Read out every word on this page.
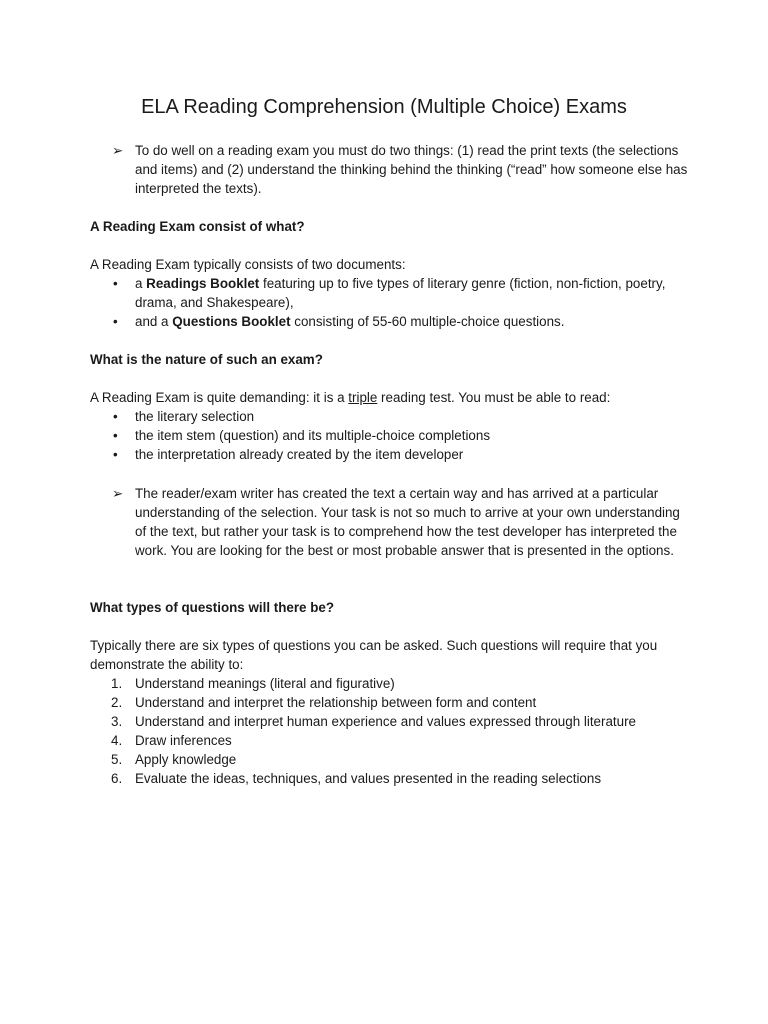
ELA Reading Comprehension (Multiple Choice) Exams
➢ To do well on a reading exam you must do two things: (1) read the print texts (the selections and items) and (2) understand the thinking behind the thinking (“read” how someone else has interpreted the texts).

A Reading Exam consist of what?

A Reading Exam typically consists of two documents:

• a Readings Booklet featuring up to five types of literary genre (fiction, non-fiction, poetry, drama, and Shakespeare),
• and a Questions Booklet consisting of 55-60 multiple-choice questions.

What is the nature of such an exam?

A Reading Exam is quite demanding: it is a triple reading test. You must be able to read:

• the literary selection
• the item stem (question) and its multiple-choice completions
• the interpretation already created by the item developer
➢ The reader/exam writer has created the text a certain way and has arrived at a particular understanding of the selection. Your task is not so much to arrive at your own understanding of the text, but rather your task is to comprehend how the test developer has interpreted the work. You are looking for the best or most probable answer that is presented in the options.

What types of questions will there be?

Typically there are six types of questions you can be asked. Such questions will require that you demonstrate the ability to:

1. Understand meanings (literal and figurative)
2. Understand and interpret the relationship between form and content
3. Understand and interpret human experience and values expressed through literature
4. Draw inferences
5. Apply knowledge
6. Evaluate the ideas, techniques, and values presented in the reading selections
